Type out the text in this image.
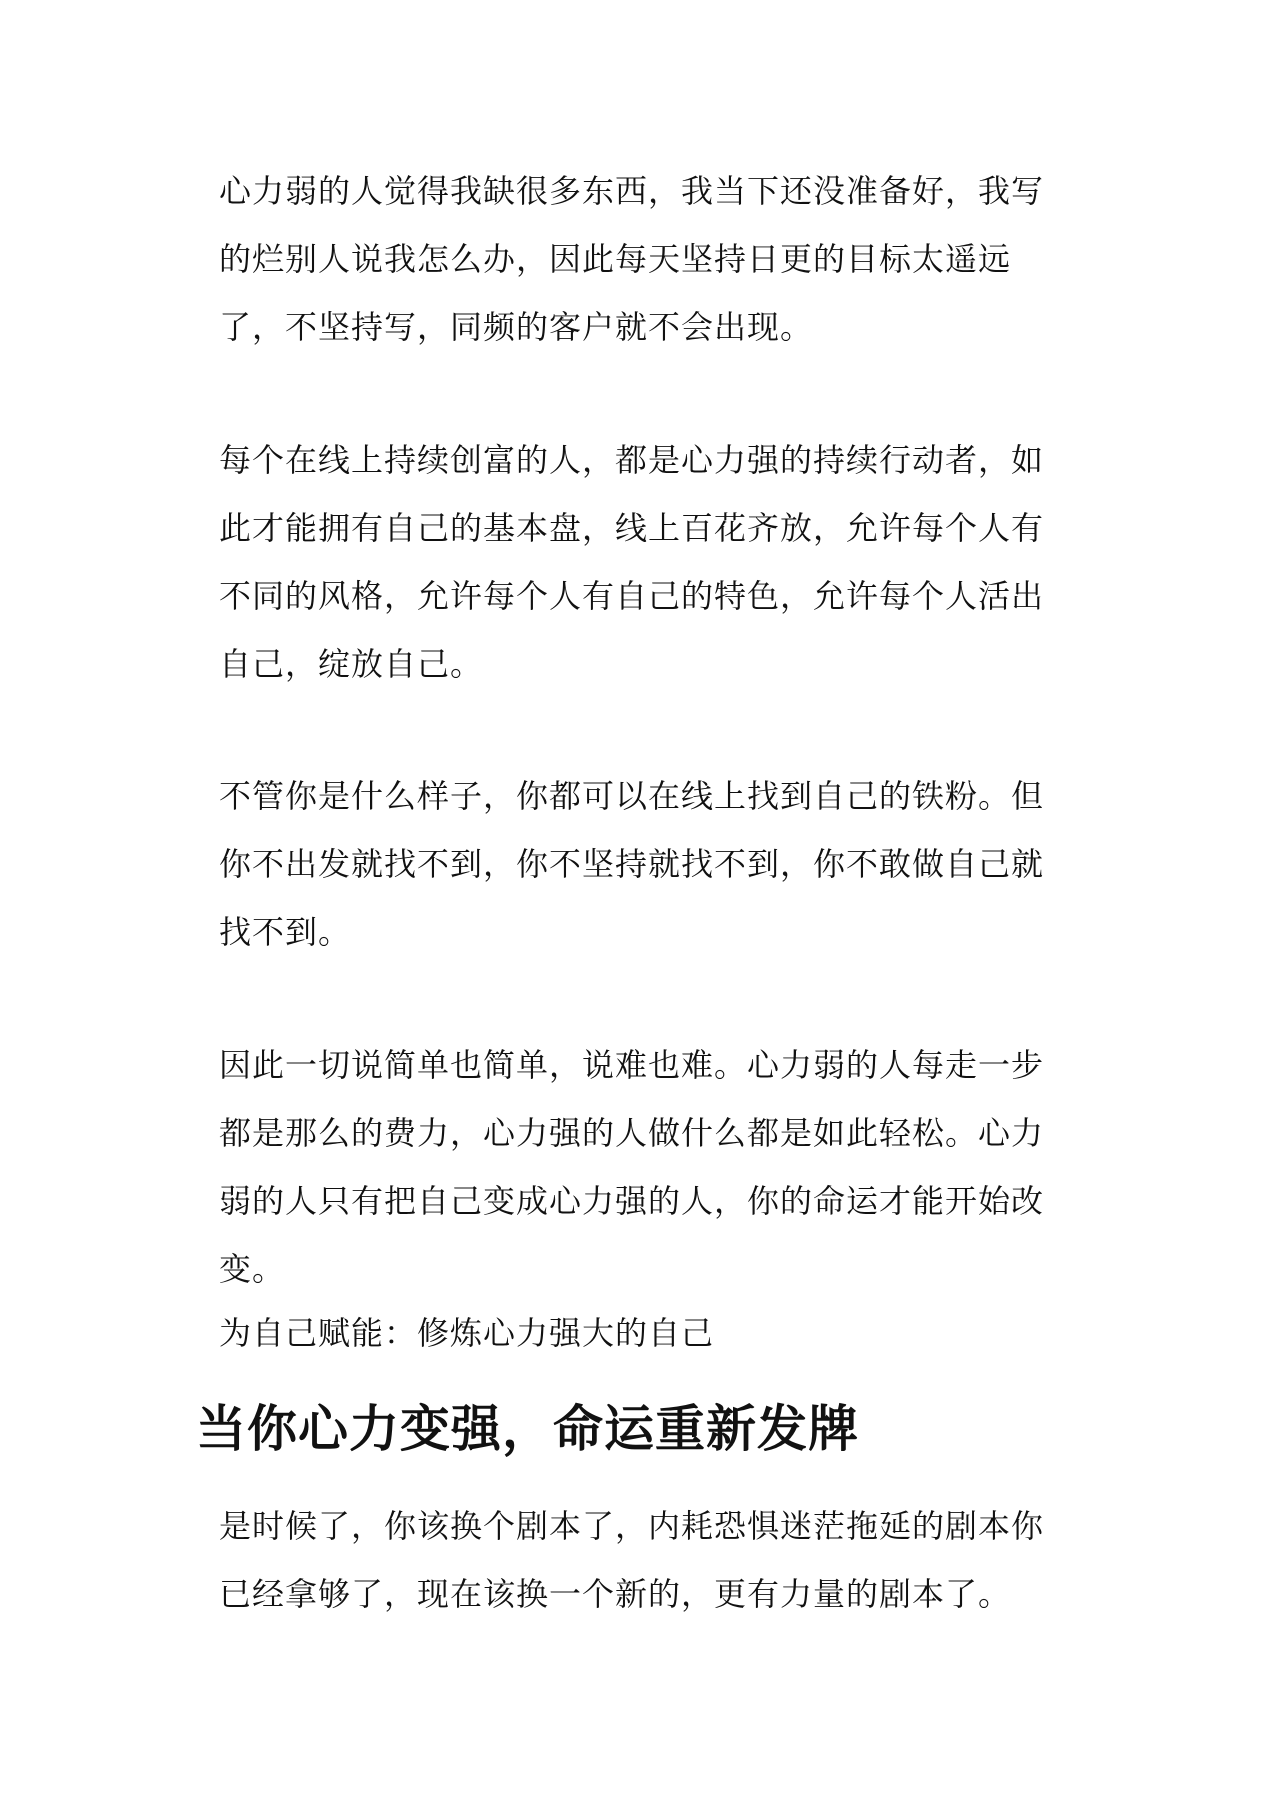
心力弱的人觉得我缺很多东西，我当下还没准备好，我写的烂别人说我怎么办，因此每天坚持日更的目标太遥远了，不坚持写，同频的客户就不会出现。

每个在线上持续创富的人，都是心力强的持续行动者，如此才能拥有自己的基本盘，线上百花齐放，允许每个人有不同的风格，允许每个人有自己的特色，允许每个人活出自己，绽放自己。

不管你是什么样子，你都可以在线上找到自己的铁粉。但你不出发就找不到，你不坚持就找不到，你不敢做自己就找不到。

因此一切说简单也简单，说难也难。心力弱的人每走一步都是那么的费力，心力强的人做什么都是如此轻松。心力弱的人只有把自己变成心力强的人，你的命运才能开始改变。

为自己赋能：修炼心力强大的自己

当你心力变强，命运重新发牌

是时候了，你该换个剧本了，内耗恐惧迷茫拖延的剧本你已经拿够了，现在该换一个新的，更有力量的剧本了。
